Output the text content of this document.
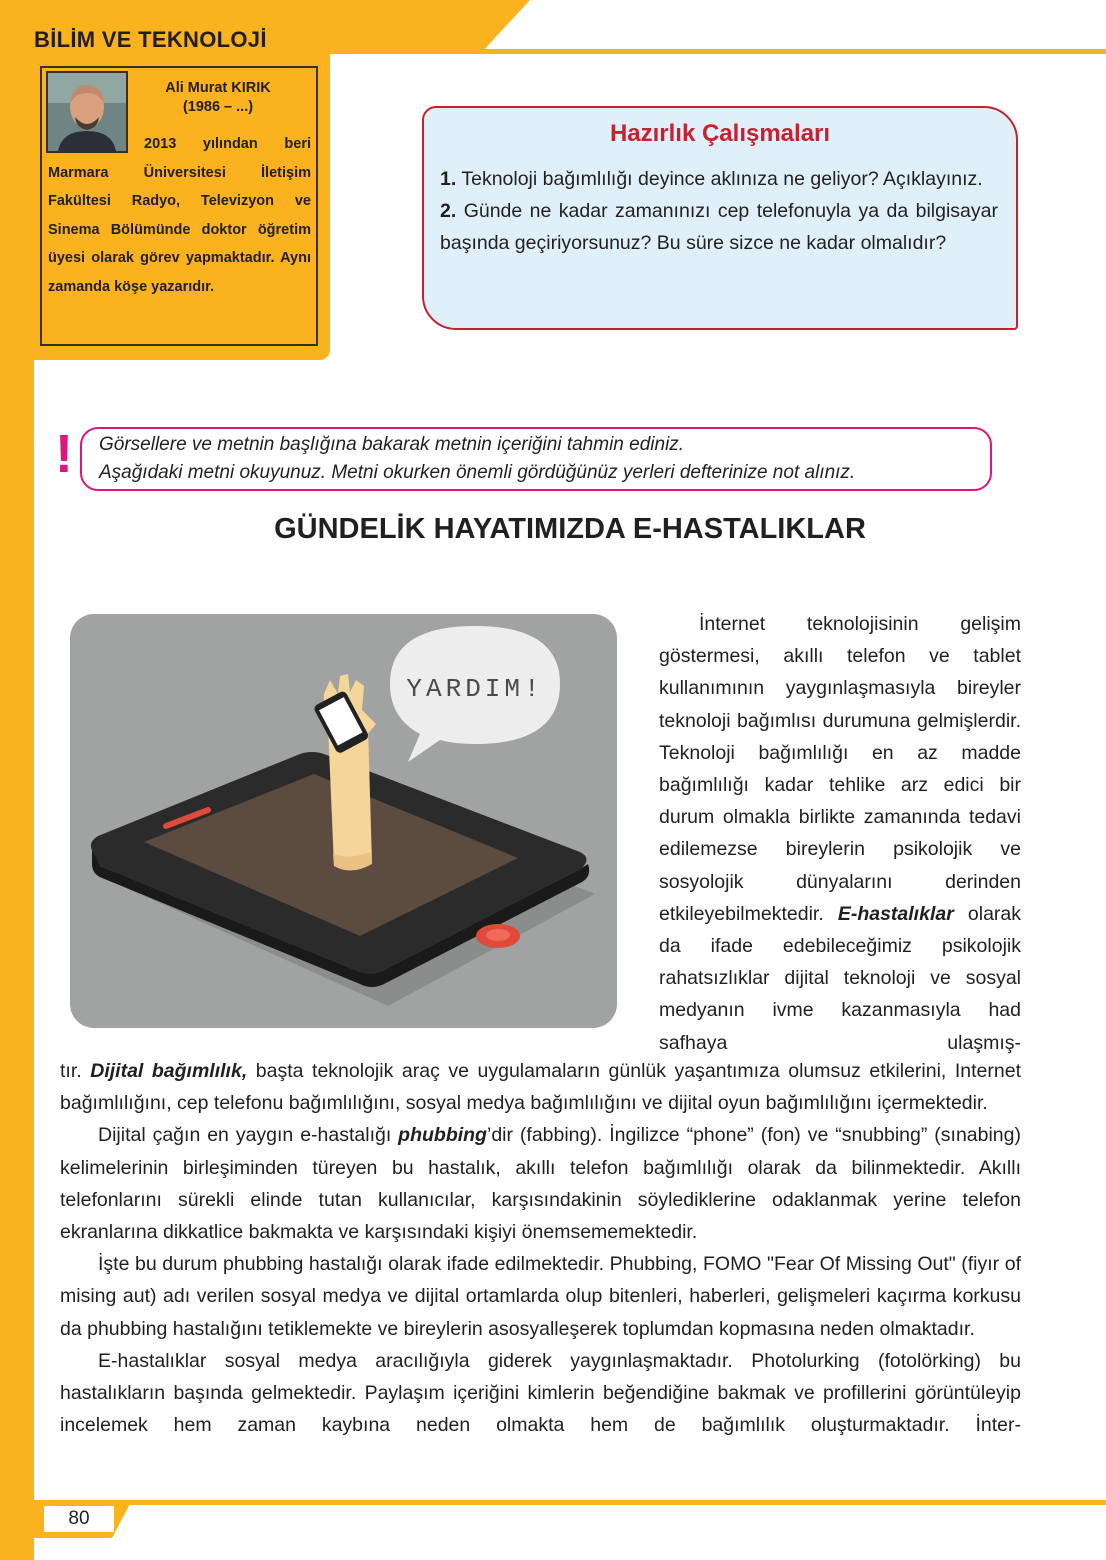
BİLİM VE TEKNOLOJİ
Ali Murat KIRIK
(1986 – ...)
2013 yılından beri
Marmara Üniversitesi İletişim Fakültesi Radyo, Televizyon ve Sinema Bölümünde doktor öğretim üyesi olarak görev yapmaktadır. Aynı zamanda köşe yazarıdır.
Hazırlık Çalışmaları
1. Teknoloji bağımlılığı deyince aklınıza ne geliyor? Açıklayınız.
2. Günde ne kadar zamanınızı cep telefonuyla ya da bilgisayar başında geçiriyorsunuz? Bu süre sizce ne kadar olmalıdır?
! Görsellere ve metnin başlığına bakarak metnin içeriğini tahmin ediniz.
Aşağıdaki metni okuyunuz. Metni okurken önemli gördüğünüz yerleri defterinize not alınız.
GÜNDELİK HAYATIMIZDA E-HASTALIKLAR
YARDIM!
İnternet teknolojisinin gelişim göstermesi, akıllı telefon ve tablet kullanımının yaygınlaşmasıyla bireyler teknoloji bağımlısı durumuna gelmişlerdir. Teknoloji bağımlılığı en az madde bağımlılığı kadar tehlike arz edici bir durum olmakla birlikte zamanında tedavi edilemezse bireylerin psikolojik ve sosyolojik dünyalarını derinden etkileyebilmektedir. E-hastalıklar olarak da ifade edebileceğimiz psikolojik rahatsızlıklar dijital teknoloji ve sosyal medyanın ivme kazanmasıyla had safhaya ulaşmış-

tır. Dijital bağımlılık, başta teknolojik araç ve uygulamaların günlük yaşantımıza olumsuz etkilerini, Internet bağımlılığını, cep telefonu bağımlılığını, sosyal medya bağımlılığını ve dijital oyun bağımlılığını içermektedir.

Dijital çağın en yaygın e-hastalığı phubbing’dir (fabbing). İngilizce “phone” (fon) ve “snubbing” (sınabing) kelimelerinin birleşiminden türeyen bu hastalık, akıllı telefon bağımlılığı olarak da bilinmektedir. Akıllı telefonlarını sürekli elinde tutan kullanıcılar, karşısındakinin söylediklerine odaklanmak yerine telefon ekranlarına dikkatlice bakmakta ve karşısındaki kişiyi önemsememektedir.

İşte bu durum phubbing hastalığı olarak ifade edilmektedir. Phubbing, FOMO "Fear Of Missing Out" (fiyır of mising aut) adı verilen sosyal medya ve dijital ortamlarda olup bitenleri, haberleri, gelişmeleri kaçırma korkusu da phubbing hastalığını tetiklemekte ve bireylerin asosyalleşerek toplumdan kopmasına neden olmaktadır.

E-hastalıklar sosyal medya aracılığıyla giderek yaygınlaşmaktadır. Photolurking (fotolörking) bu hastalıkların başında gelmektedir. Paylaşım içeriğini kimlerin beğendiğine bakmak ve profillerini görüntüleyip incelemek hem zaman kaybına neden olmakta hem de bağımlılık oluşturmaktadır. İnter-

80
